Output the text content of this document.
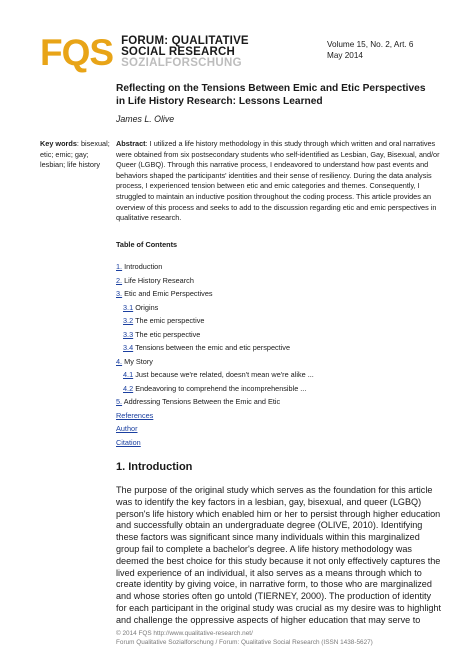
FQS FORUM: QUALITATIVE
SOCIAL RESEARCH
SOZIALFORSCHUNG
Volume 15, No. 2, Art. 6
May 2014
Reflecting on the Tensions Between Emic and Etic Perspectives in Life History Research: Lessons Learned
James L. Olive
Key words: bisexual; etic; emic; gay; lesbian; life history
Abstract: I utilized a life history methodology in this study through which written and oral narratives were obtained from six postsecondary students who self-identified as Lesbian, Gay, Bisexual, and/or Queer (LGBQ). Through this narrative process, I endeavored to understand how past events and behaviors shaped the participants' identities and their sense of resiliency. During the data analysis process, I experienced tension between etic and emic categories and themes. Consequently, I struggled to maintain an inductive position throughout the coding process. This article provides an overview of this process and seeks to add to the discussion regarding etic and emic perspectives in qualitative research.
Table of Contents
1. Introduction
2. Life History Research
3. Etic and Emic Perspectives
3.1 Origins
3.2 The emic perspective
3.3 The etic perspective
3.4 Tensions between the emic and etic perspective
4. My Story
4.1 Just because we're related, doesn't mean we're alike ...
4.2 Endeavoring to comprehend the incomprehensible ...
5. Addressing Tensions Between the Emic and Etic
References
Author
Citation
1. Introduction
The purpose of the original study which serves as the foundation for this article was to identify the key factors in a lesbian, gay, bisexual, and queer (LGBQ) person's life history which enabled him or her to persist through higher education and successfully obtain an undergraduate degree (OLIVE, 2010). Identifying these factors was significant since many individuals within this marginalized group fail to complete a bachelor's degree. A life history methodology was deemed the best choice for this study because it not only effectively captures the lived experience of an individual, it also serves as a means through which to create identity by giving voice, in narrative form, to those who are marginalized and whose stories often go untold (TIERNEY, 2000). The production of identity for each participant in the original study was crucial as my desire was to highlight and challenge the oppressive aspects of higher education that may serve to
© 2014 FQS http://www.qualitative-research.net/
Forum Qualitative Sozialforschung / Forum: Qualitative Social Research (ISSN 1438-5627)
